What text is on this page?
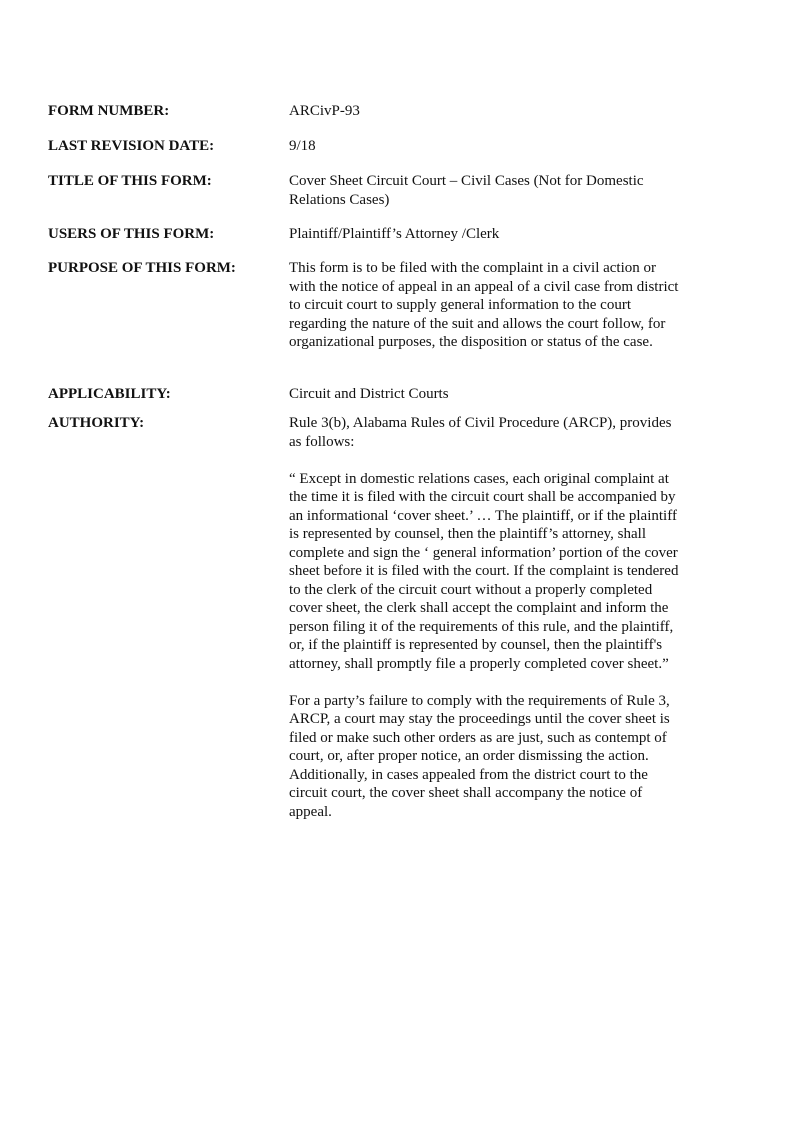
FORM NUMBER:	ARCivP-93
LAST REVISION DATE:	9/18
TITLE OF THIS FORM:	Cover Sheet Circuit Court – Civil Cases (Not for Domestic Relations Cases)
USERS OF THIS FORM:	Plaintiff/Plaintiff’s Attorney /Clerk
PURPOSE OF THIS FORM:	This form is to be filed with the complaint in a civil action or with the notice of appeal in an appeal of a civil case from district to circuit court to supply general information to the court regarding the nature of the suit and allows the court follow, for organizational purposes, the disposition or status of the case.
APPLICABILITY:	Circuit and District Courts
AUTHORITY:	Rule 3(b), Alabama Rules of Civil Procedure (ARCP), provides as follows:

“ Except in domestic relations cases, each original complaint at the time it is filed with the circuit court shall be accompanied by an informational ‘cover sheet.’ … The plaintiff, or if the plaintiff is represented by counsel, then the plaintiff’s attorney, shall complete and sign the ‘ general information’ portion of the cover sheet before it is filed with the court. If the complaint is tendered to the clerk of the circuit court without a properly completed cover sheet, the clerk shall accept the complaint and inform the person filing it of the requirements of this rule, and the plaintiff, or, if the plaintiff is represented by counsel, then the plaintiff's attorney, shall promptly file a properly completed cover sheet.”

For a party’s failure to comply with the requirements of Rule 3, ARCP, a court may stay the proceedings until the cover sheet is filed or make such other orders as are just, such as contempt of court, or, after proper notice, an order dismissing the action. Additionally, in cases appealed from the district court to the circuit court, the cover sheet shall accompany the notice of appeal.
